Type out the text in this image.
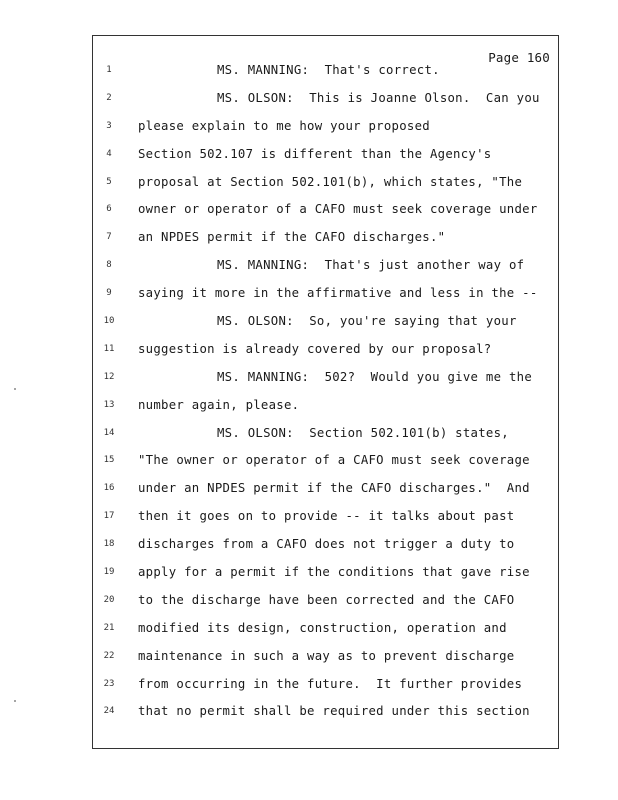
Page 160
1	MS. MANNING:  That's correct.
2	MS. OLSON:  This is Joanne Olson.  Can you
3	please explain to me how your proposed
4	Section 502.107 is different than the Agency's
5	proposal at Section 502.101(b), which states, "The
6	owner or operator of a CAFO must seek coverage under
7	an NPDES permit if the CAFO discharges."
8	MS. MANNING:  That's just another way of
9	saying it more in the affirmative and less in the --
10	MS. OLSON:  So, you're saying that your
11 suggestion is already covered by our proposal?
12	MS. MANNING:  502?  Would you give me the
13 number again, please.
14	MS. OLSON:  Section 502.101(b) states,
15 "The owner or operator of a CAFO must seek coverage
16 under an NPDES permit if the CAFO discharges."  And
17 then it goes on to provide -- it talks about past
18 discharges from a CAFO does not trigger a duty to
19 apply for a permit if the conditions that gave rise
20 to the discharge have been corrected and the CAFO
21 modified its design, construction, operation and
22 maintenance in such a way as to prevent discharge
23 from occurring in the future.  It further provides
24 that no permit shall be required under this section
